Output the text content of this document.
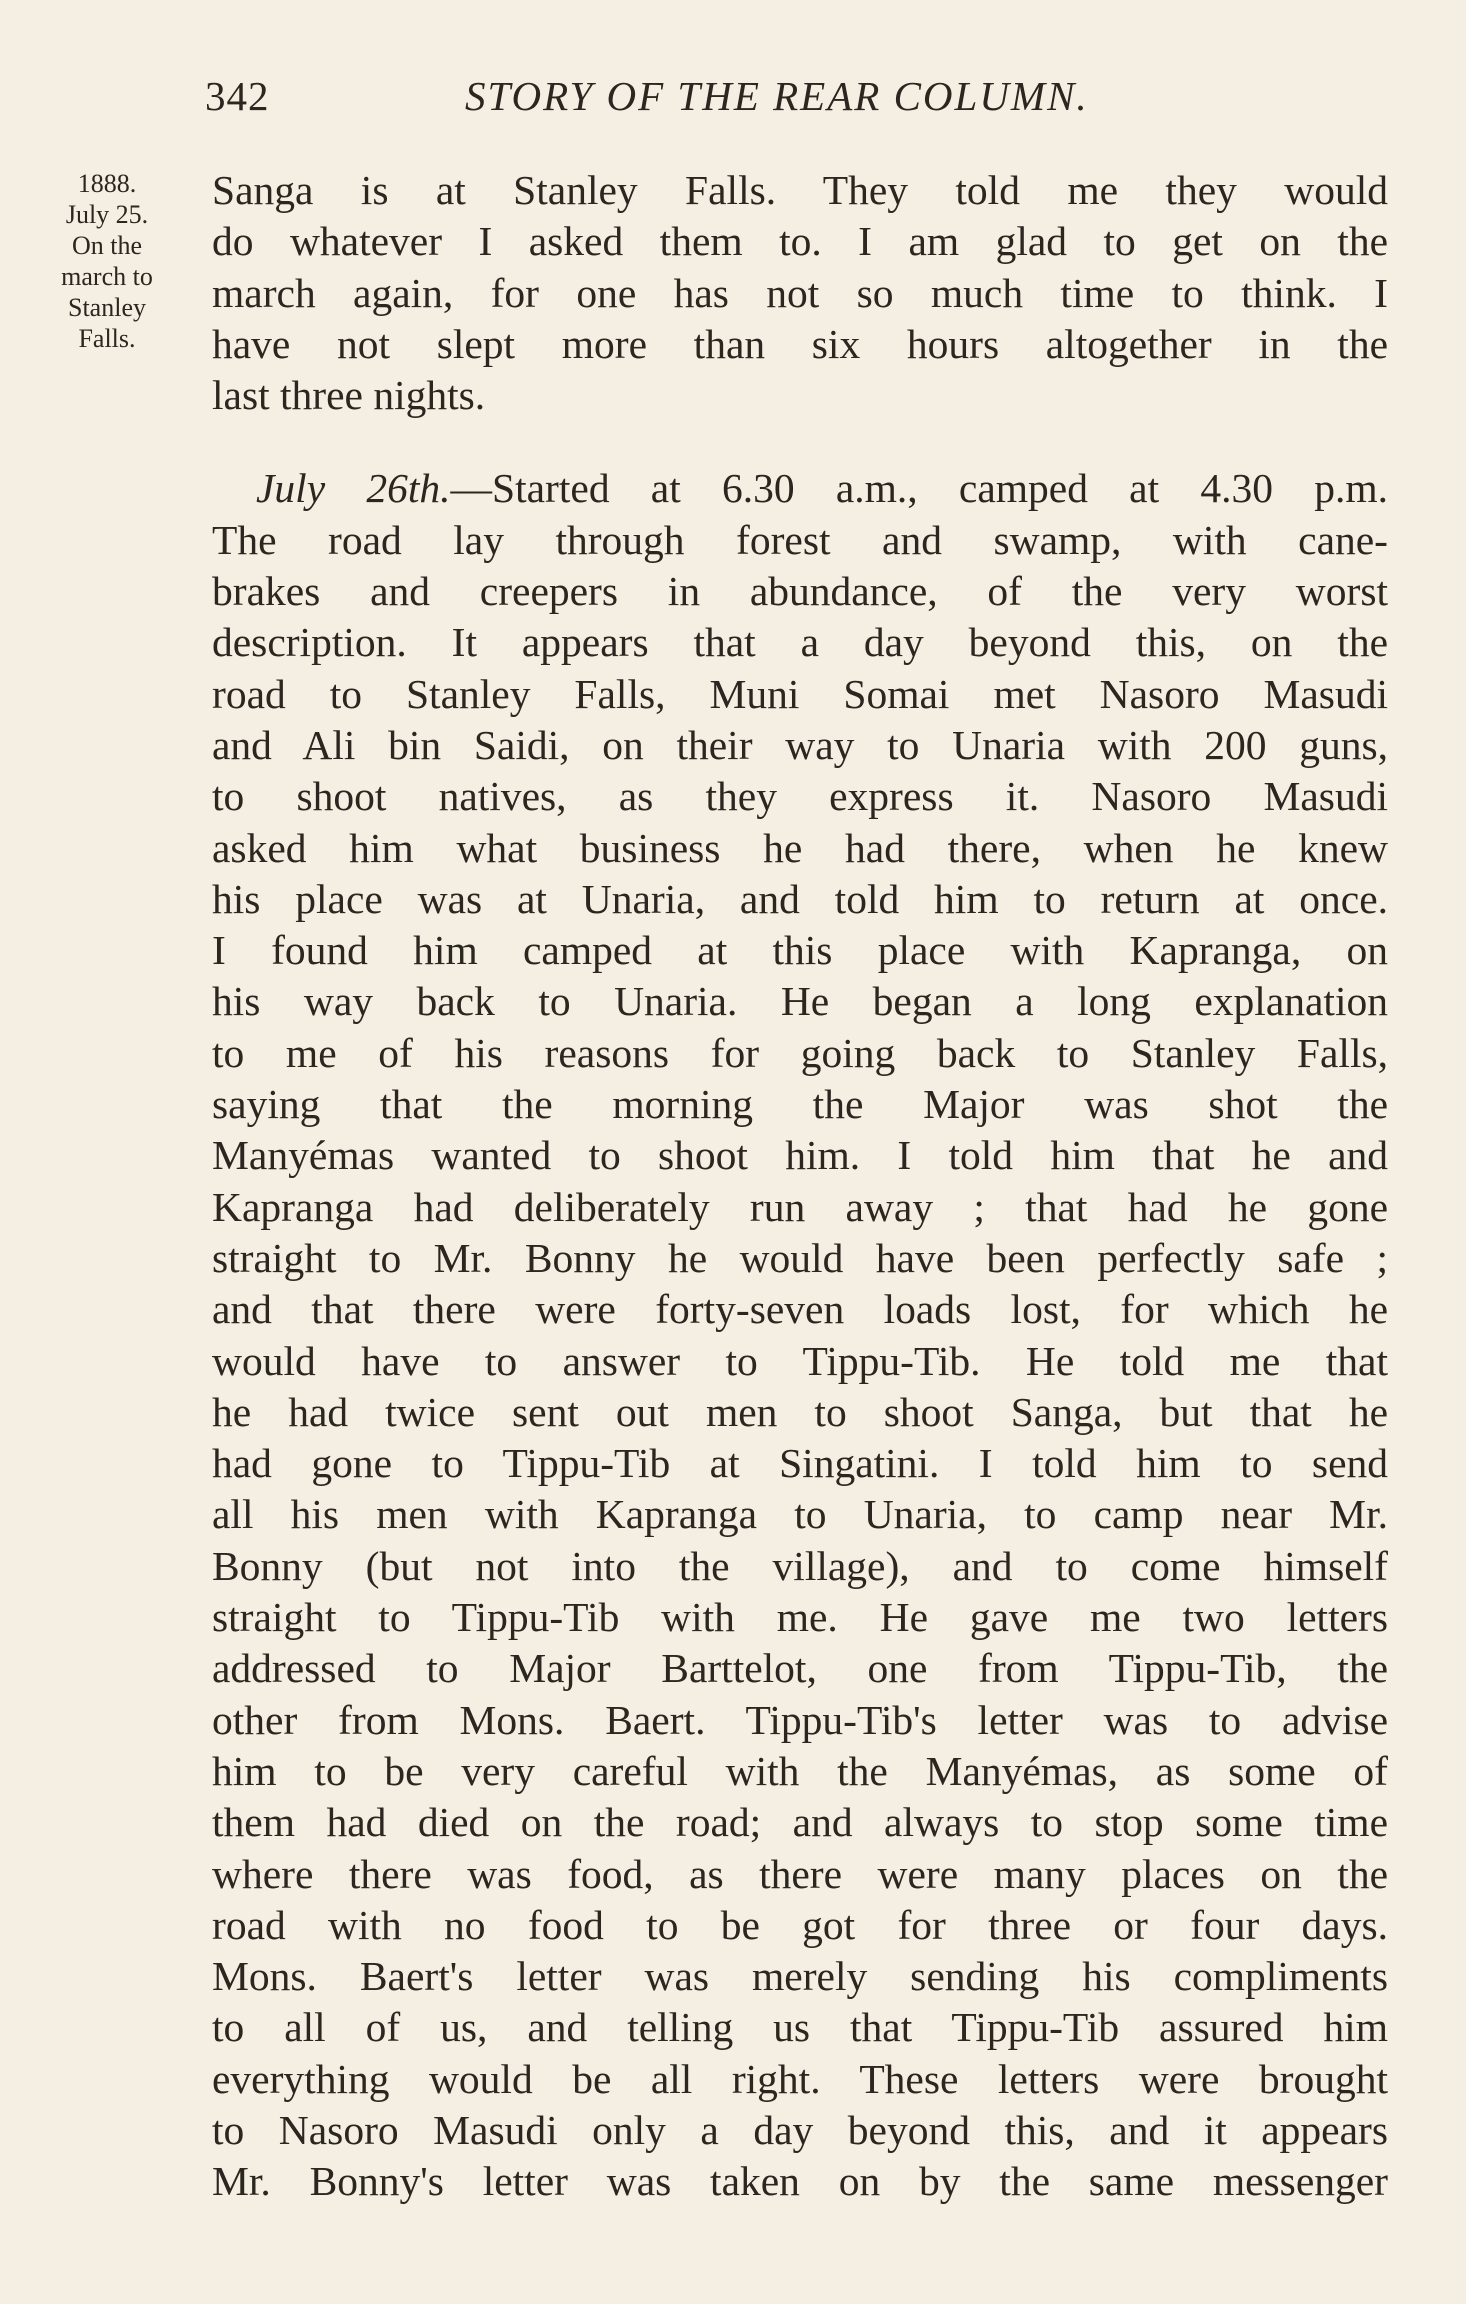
342	STORY OF THE REAR COLUMN.
1888.
July 25.
On the
march to
Stanley
Falls.
Sanga is at Stanley Falls. They told me they would
do whatever I asked them to. I am glad to get on the
march again, for one has not so much time to think. I
have not slept more than six hours altogether in the
last three nights.
July 26th.—Started at 6.30 a.m., camped at 4.30 p.m.
The road lay through forest and swamp, with cane-
brakes and creepers in abundance, of the very worst
description. It appears that a day beyond this, on the
road to Stanley Falls, Muni Somai met Nasoro Masudi
and Ali bin Saidi, on their way to Unaria with 200 guns,
to shoot natives, as they express it. Nasoro Masudi
asked him what business he had there, when he knew
his place was at Unaria, and told him to return at once.
I found him camped at this place with Kapranga, on
his way back to Unaria. He began a long explanation
to me of his reasons for going back to Stanley Falls,
saying that the morning the Major was shot the
Manyémas wanted to shoot him. I told him that he and
Kapranga had deliberately run away ; that had he gone
straight to Mr. Bonny he would have been perfectly safe ;
and that there were forty-seven loads lost, for which he
would have to answer to Tippu-Tib. He told me that
he had twice sent out men to shoot Sanga, but that he
had gone to Tippu-Tib at Singatini. I told him to send
all his men with Kapranga to Unaria, to camp near Mr.
Bonny (but not into the village), and to come himself
straight to Tippu-Tib with me. He gave me two letters
addressed to Major Barttelot, one from Tippu-Tib, the
other from Mons. Baert. Tippu-Tib's letter was to advise
him to be very careful with the Manyémas, as some of
them had died on the road; and always to stop some time
where there was food, as there were many places on the
road with no food to be got for three or four days.
Mons. Baert's letter was merely sending his compliments
to all of us, and telling us that Tippu-Tib assured him
everything would be all right. These letters were brought
to Nasoro Masudi only a day beyond this, and it appears
Mr. Bonny's letter was taken on by the same messenger
